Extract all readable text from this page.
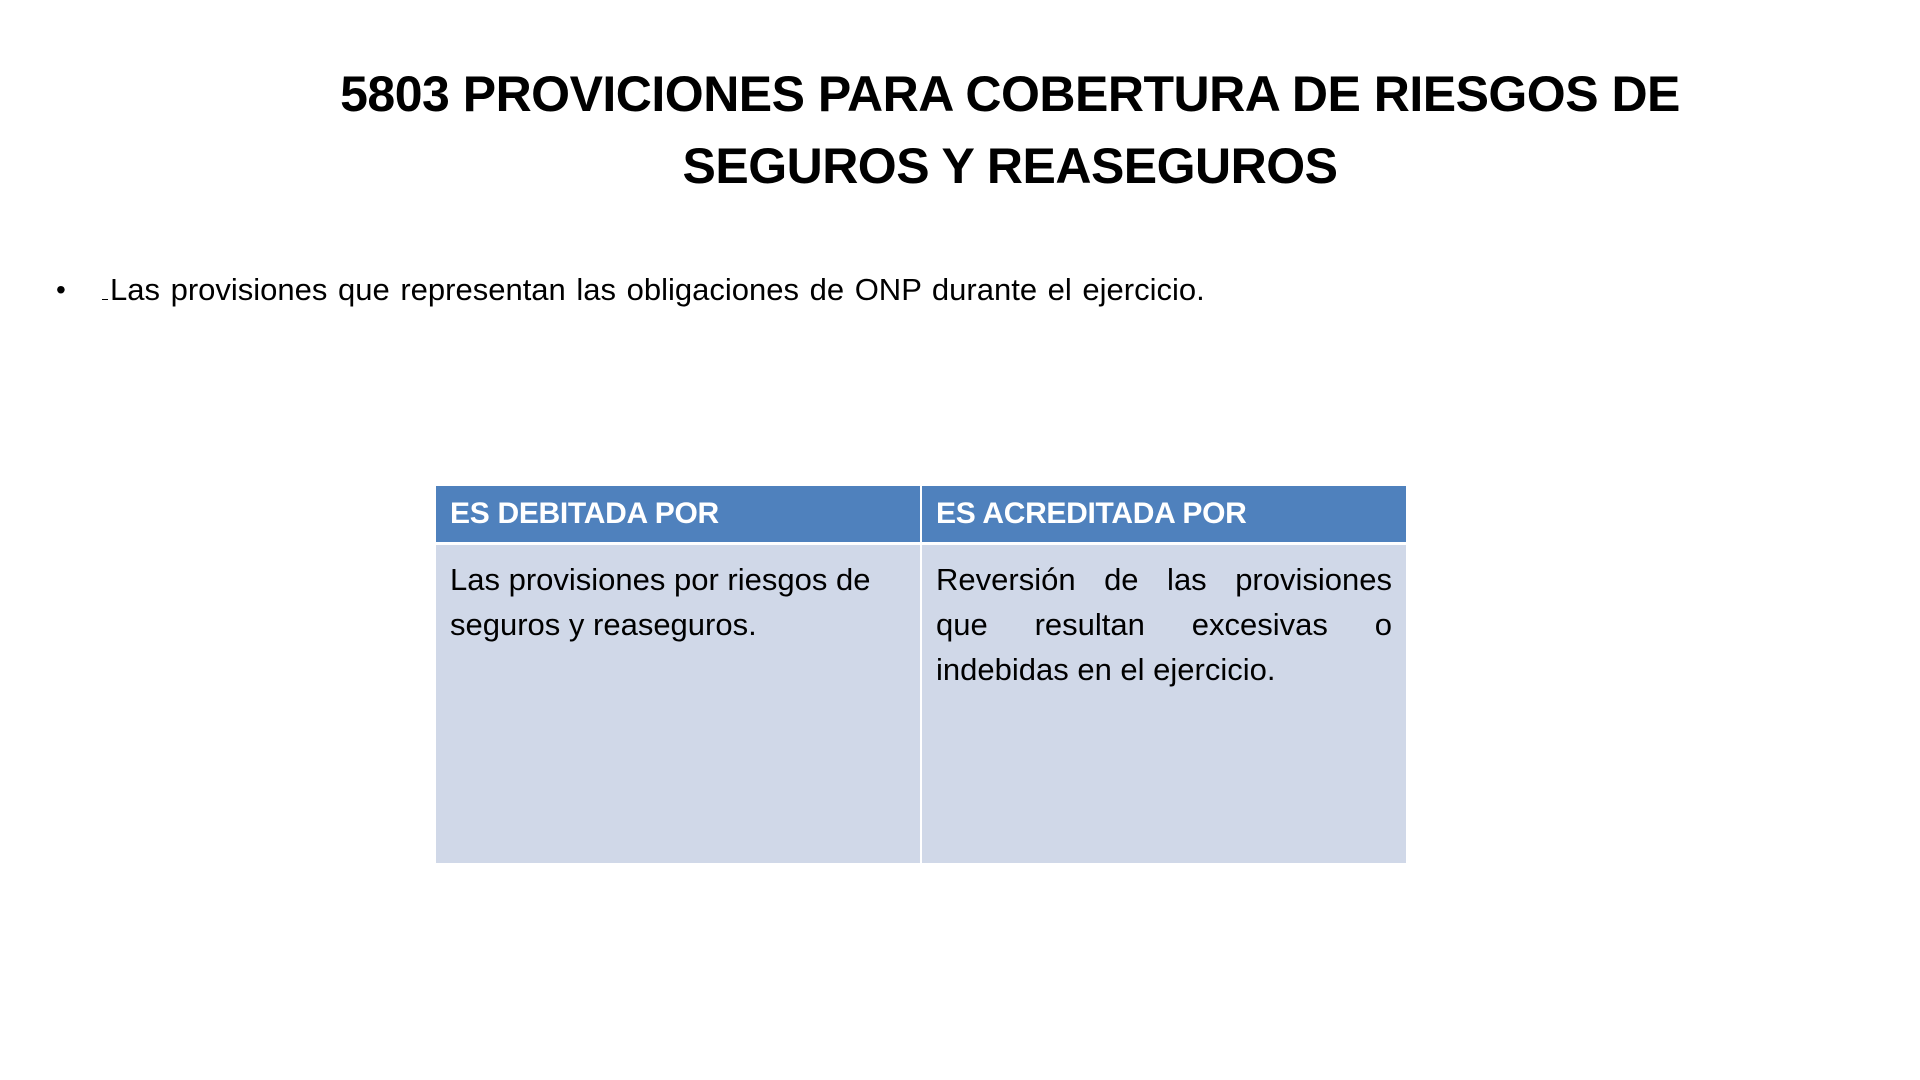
5803 PROVICIONES PARA COBERTURA DE RIESGOS DE
SEGUROS Y REASEGUROS
• Las provisiones que representan las obligaciones de ONP durante el ejercicio.
ES DEBITADA POR	ES ACREDITADA POR
Las provisiones por riesgos de seguros y reaseguros.	Reversión de las provisiones que resultan excesivas o indebidas en el ejercicio.
